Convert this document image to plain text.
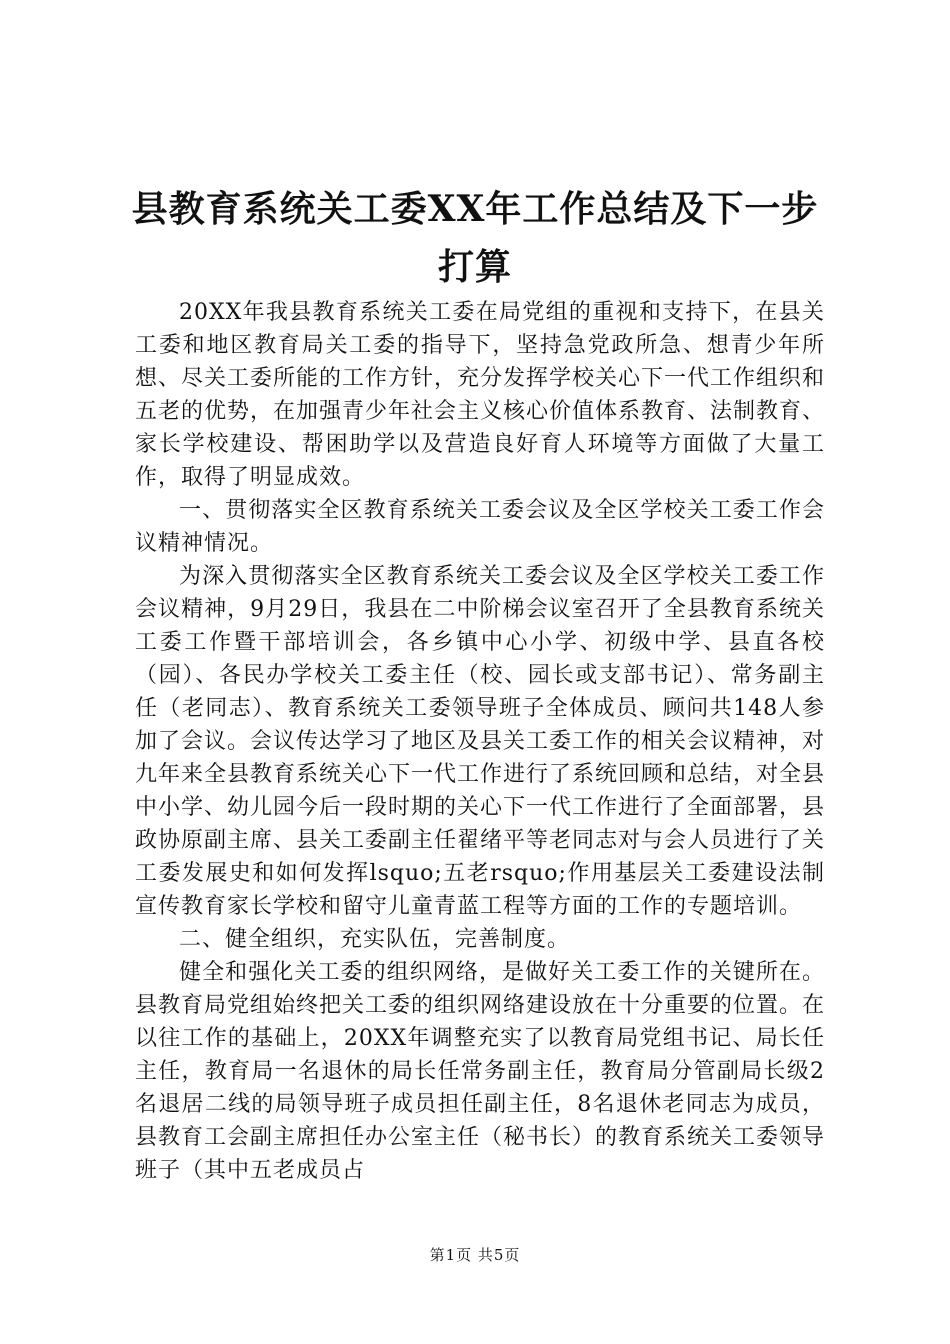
县教育系统关工委XX年工作总结及下一步打算

20XX年我县教育系统关工委在局党组的重视和支持下，在县关工委和地区教育局关工委的指导下，坚持急党政所急、想青少年所想、尽关工委所能的工作方针，充分发挥学校关心下一代工作组织和五老的优势，在加强青少年社会主义核心价值体系教育、法制教育、家长学校建设、帮困助学以及营造良好育人环境等方面做了大量工作，取得了明显成效。

一、贯彻落实全区教育系统关工委会议及全区学校关工委工作会议精神情况。

为深入贯彻落实全区教育系统关工委会议及全区学校关工委工作会议精神，9月29日，我县在二中阶梯会议室召开了全县教育系统关工委工作暨干部培训会，各乡镇中心小学、初级中学、县直各校（园）、各民办学校关工委主任（校、园长或支部书记）、常务副主任（老同志）、教育系统关工委领导班子全体成员、顾问共148人参加了会议。会议传达学习了地区及县关工委工作的相关会议精神，对九年来全县教育系统关心下一代工作进行了系统回顾和总结，对全县中小学、幼儿园今后一段时期的关心下一代工作进行了全面部署，县政协原副主席、县关工委副主任翟绪平等老同志对与会人员进行了关工委发展史和如何发挥lsquo;五老rsquo;作用基层关工委建设法制宣传教育家长学校和留守儿童青蓝工程等方面的工作的专题培训。

二、健全组织，充实队伍，完善制度。

健全和强化关工委的组织网络，是做好关工委工作的关键所在。县教育局党组始终把关工委的组织网络建设放在十分重要的位置。在以往工作的基础上，20XX年调整充实了以教育局党组书记、局长任主任，教育局一名退休的局长任常务副主任，教育局分管副局长级2名退居二线的局领导班子成员担任副主任，8名退休老同志为成员，县教育工会副主席担任办公室主任（秘书长）的教育系统关工委领导班子（其中五老成员占

第1页 共5页
